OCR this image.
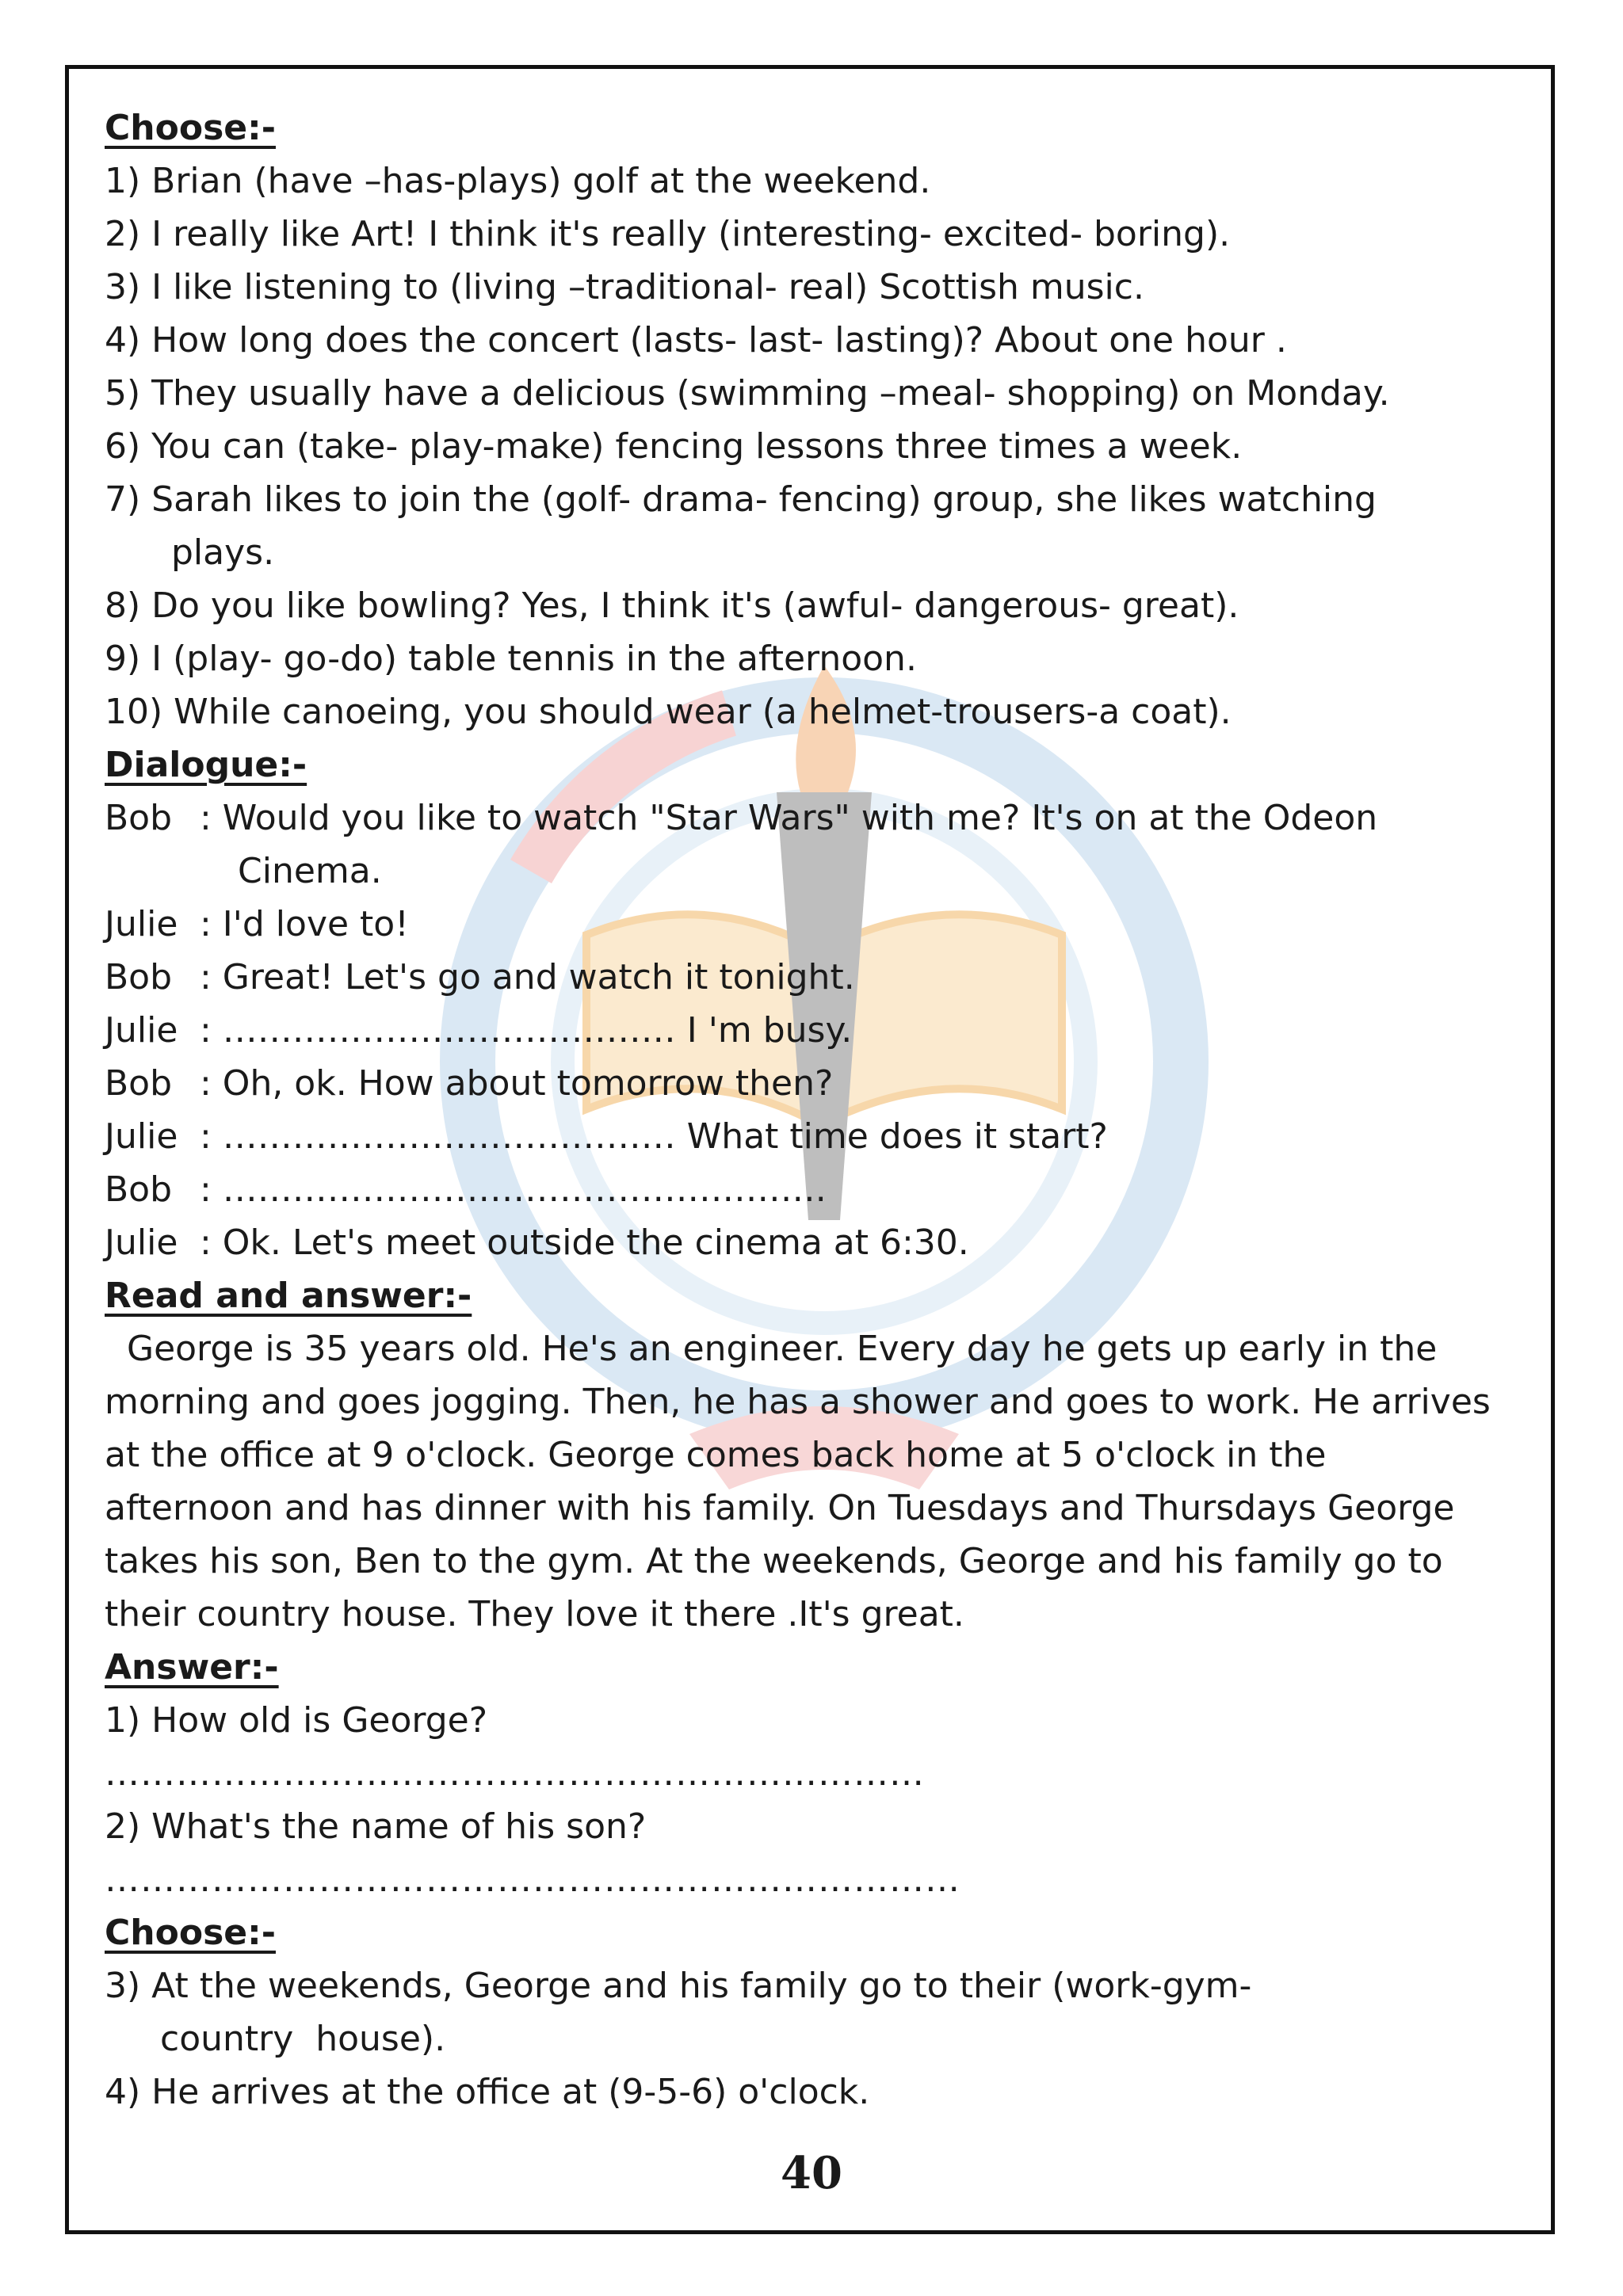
Choose:-
1) Brian (have –has-plays) golf at the weekend.
2) I really like Art! I think it's really (interesting- excited- boring).
3) I like listening to (living –traditional- real) Scottish music.
4) How long does the concert (lasts- last- lasting)? About one hour .
5) They usually have a delicious (swimming –meal- shopping) on Monday.
6) You can (take- play-make) fencing lessons three times a week.
7) Sarah likes to join the (golf- drama- fencing) group, she likes watching
plays.
8) Do you like bowling? Yes, I think it's (awful- dangerous- great).
9) I (play- go-do) table tennis in the afternoon.
10) While canoeing, you should wear (a helmet-trousers-a coat).
Dialogue:-
Bob : Would you like to watch "Star Wars" with me? It's on at the Odeon
Cinema.
Julie : I'd love to!
Bob : Great! Let's go and watch it tonight.
Julie : ………………………………… I 'm busy.
Bob : Oh, ok. How about tomorrow then?
Julie : ………………………………… What time does it start?
Bob : …………………………………………….
Julie : Ok. Let's meet outside the cinema at 6:30.
Read and answer:-
George is 35 years old. He's an engineer. Every day he gets up early in the
morning and goes jogging. Then, he has a shower and goes to work. He arrives
at the office at 9 o'clock. George comes back home at 5 o'clock in the
afternoon and has dinner with his family. On Tuesdays and Thursdays George
takes his son, Ben to the gym. At the weekends, George and his family go to
their country house. They love it there .It's great.
Answer:-
1) How old is George?
……………………………………………………………
2) What's the name of his son?
………………………………………………………………
Choose:-
3) At the weekends, George and his family go to their (work-gym-
country  house).
4) He arrives at the office at (9-5-6) o'clock.
40
